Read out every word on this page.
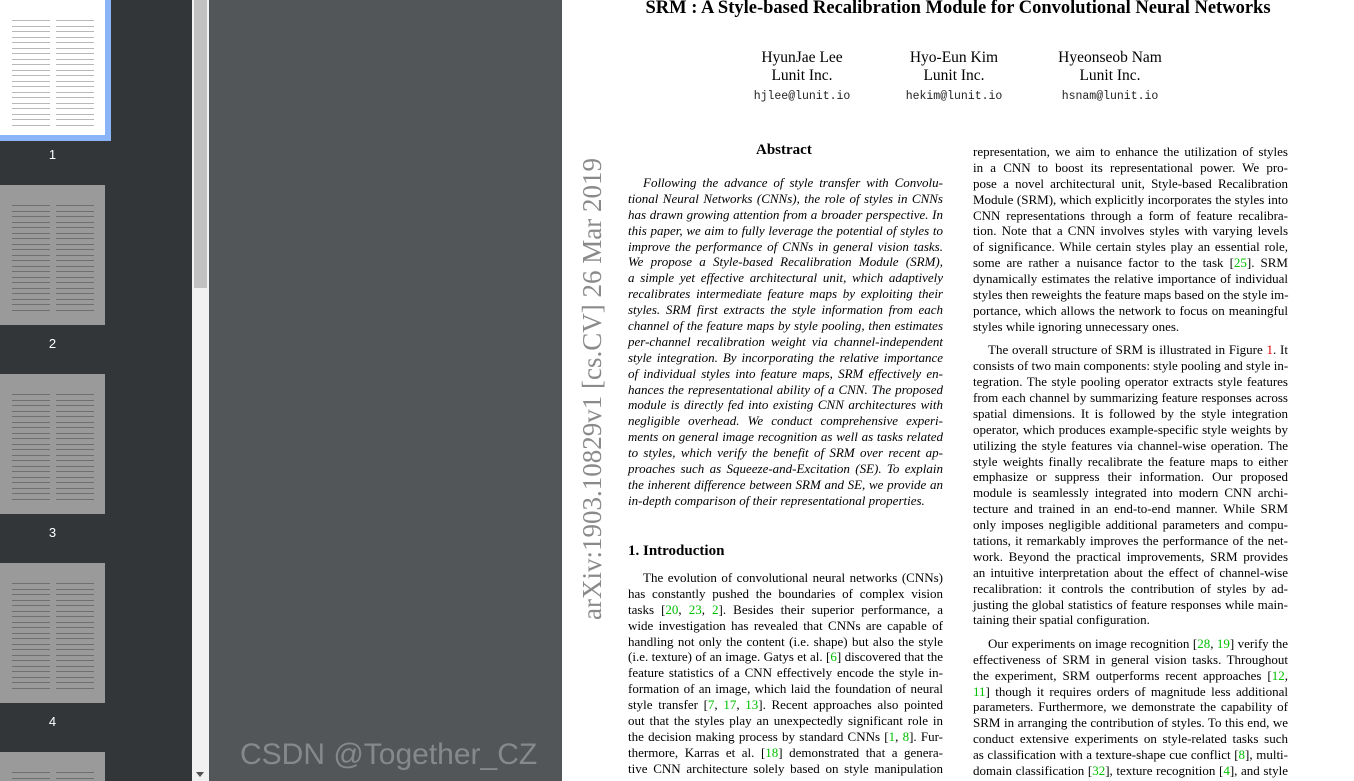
1
2
3
4
SRM : A Style-based Recalibration Module for Convolutional Neural Networks
HyunJae Lee
Lunit Inc.
hjlee@lunit.io
Hyo-Eun Kim
Lunit Inc.
hekim@lunit.io
Hyeonseob Nam
Lunit Inc.
hsnam@lunit.io
arXiv:1903.10829v1 [cs.CV] 26 Mar 2019
Abstract
Following the advance of style transfer with Convolu-
tional Neural Networks (CNNs), the role of styles in CNNs
has drawn growing attention from a broader perspective. In
this paper, we aim to fully leverage the potential of styles to
improve the performance of CNNs in general vision tasks.
We propose a Style-based Recalibration Module (SRM),
a simple yet effective architectural unit, which adaptively
recalibrates intermediate feature maps by exploiting their
styles. SRM first extracts the style information from each
channel of the feature maps by style pooling, then estimates
per-channel recalibration weight via channel-independent
style integration. By incorporating the relative importance
of individual styles into feature maps, SRM effectively en-
hances the representational ability of a CNN. The proposed
module is directly fed into existing CNN architectures with
negligible overhead. We conduct comprehensive experi-
ments on general image recognition as well as tasks related
to styles, which verify the benefit of SRM over recent ap-
proaches such as Squeeze-and-Excitation (SE). To explain
the inherent difference between SRM and SE, we provide an
in-depth comparison of their representational properties.
1. Introduction
The evolution of convolutional neural networks (CNNs)
has constantly pushed the boundaries of complex vision
tasks [20, 23, 2]. Besides their superior performance, a
wide investigation has revealed that CNNs are capable of
handling not only the content (i.e. shape) but also the style
(i.e. texture) of an image. Gatys et al. [6] discovered that the
feature statistics of a CNN effectively encode the style in-
formation of an image, which laid the foundation of neural
style transfer [7, 17, 13]. Recent approaches also pointed
out that the styles play an unexpectedly significant role in
the decision making process by standard CNNs [1, 8]. Fur-
thermore, Karras et al. [18] demonstrated that a genera-
tive CNN architecture solely based on style manipulation
representation, we aim to enhance the utilization of styles
in a CNN to boost its representational power. We pro-
pose a novel architectural unit, Style-based Recalibration
Module (SRM), which explicitly incorporates the styles into
CNN representations through a form of feature recalibra-
tion. Note that a CNN involves styles with varying levels
of significance. While certain styles play an essential role,
some are rather a nuisance factor to the task [25]. SRM
dynamically estimates the relative importance of individual
styles then reweights the feature maps based on the style im-
portance, which allows the network to focus on meaningful
styles while ignoring unnecessary ones.
The overall structure of SRM is illustrated in Figure 1. It
consists of two main components: style pooling and style in-
tegration. The style pooling operator extracts style features
from each channel by summarizing feature responses across
spatial dimensions. It is followed by the style integration
operator, which produces example-specific style weights by
utilizing the style features via channel-wise operation. The
style weights finally recalibrate the feature maps to either
emphasize or suppress their information. Our proposed
module is seamlessly integrated into modern CNN archi-
tecture and trained in an end-to-end manner. While SRM
only imposes negligible additional parameters and compu-
tations, it remarkably improves the performance of the net-
work. Beyond the practical improvements, SRM provides
an intuitive interpretation about the effect of channel-wise
recalibration: it controls the contribution of styles by ad-
justing the global statistics of feature responses while main-
taining their spatial configuration.
Our experiments on image recognition [28, 19] verify the
effectiveness of SRM in general vision tasks. Throughout
the experiment, SRM outperforms recent approaches [12,
11] though it requires orders of magnitude less additional
parameters. Furthermore, we demonstrate the capability of
SRM in arranging the contribution of styles. To this end, we
conduct extensive experiments on style-related tasks such
as classification with a texture-shape cue conflict [8], multi-
domain classification [32], texture recognition [4], and style
CSDN @Together_CZ
